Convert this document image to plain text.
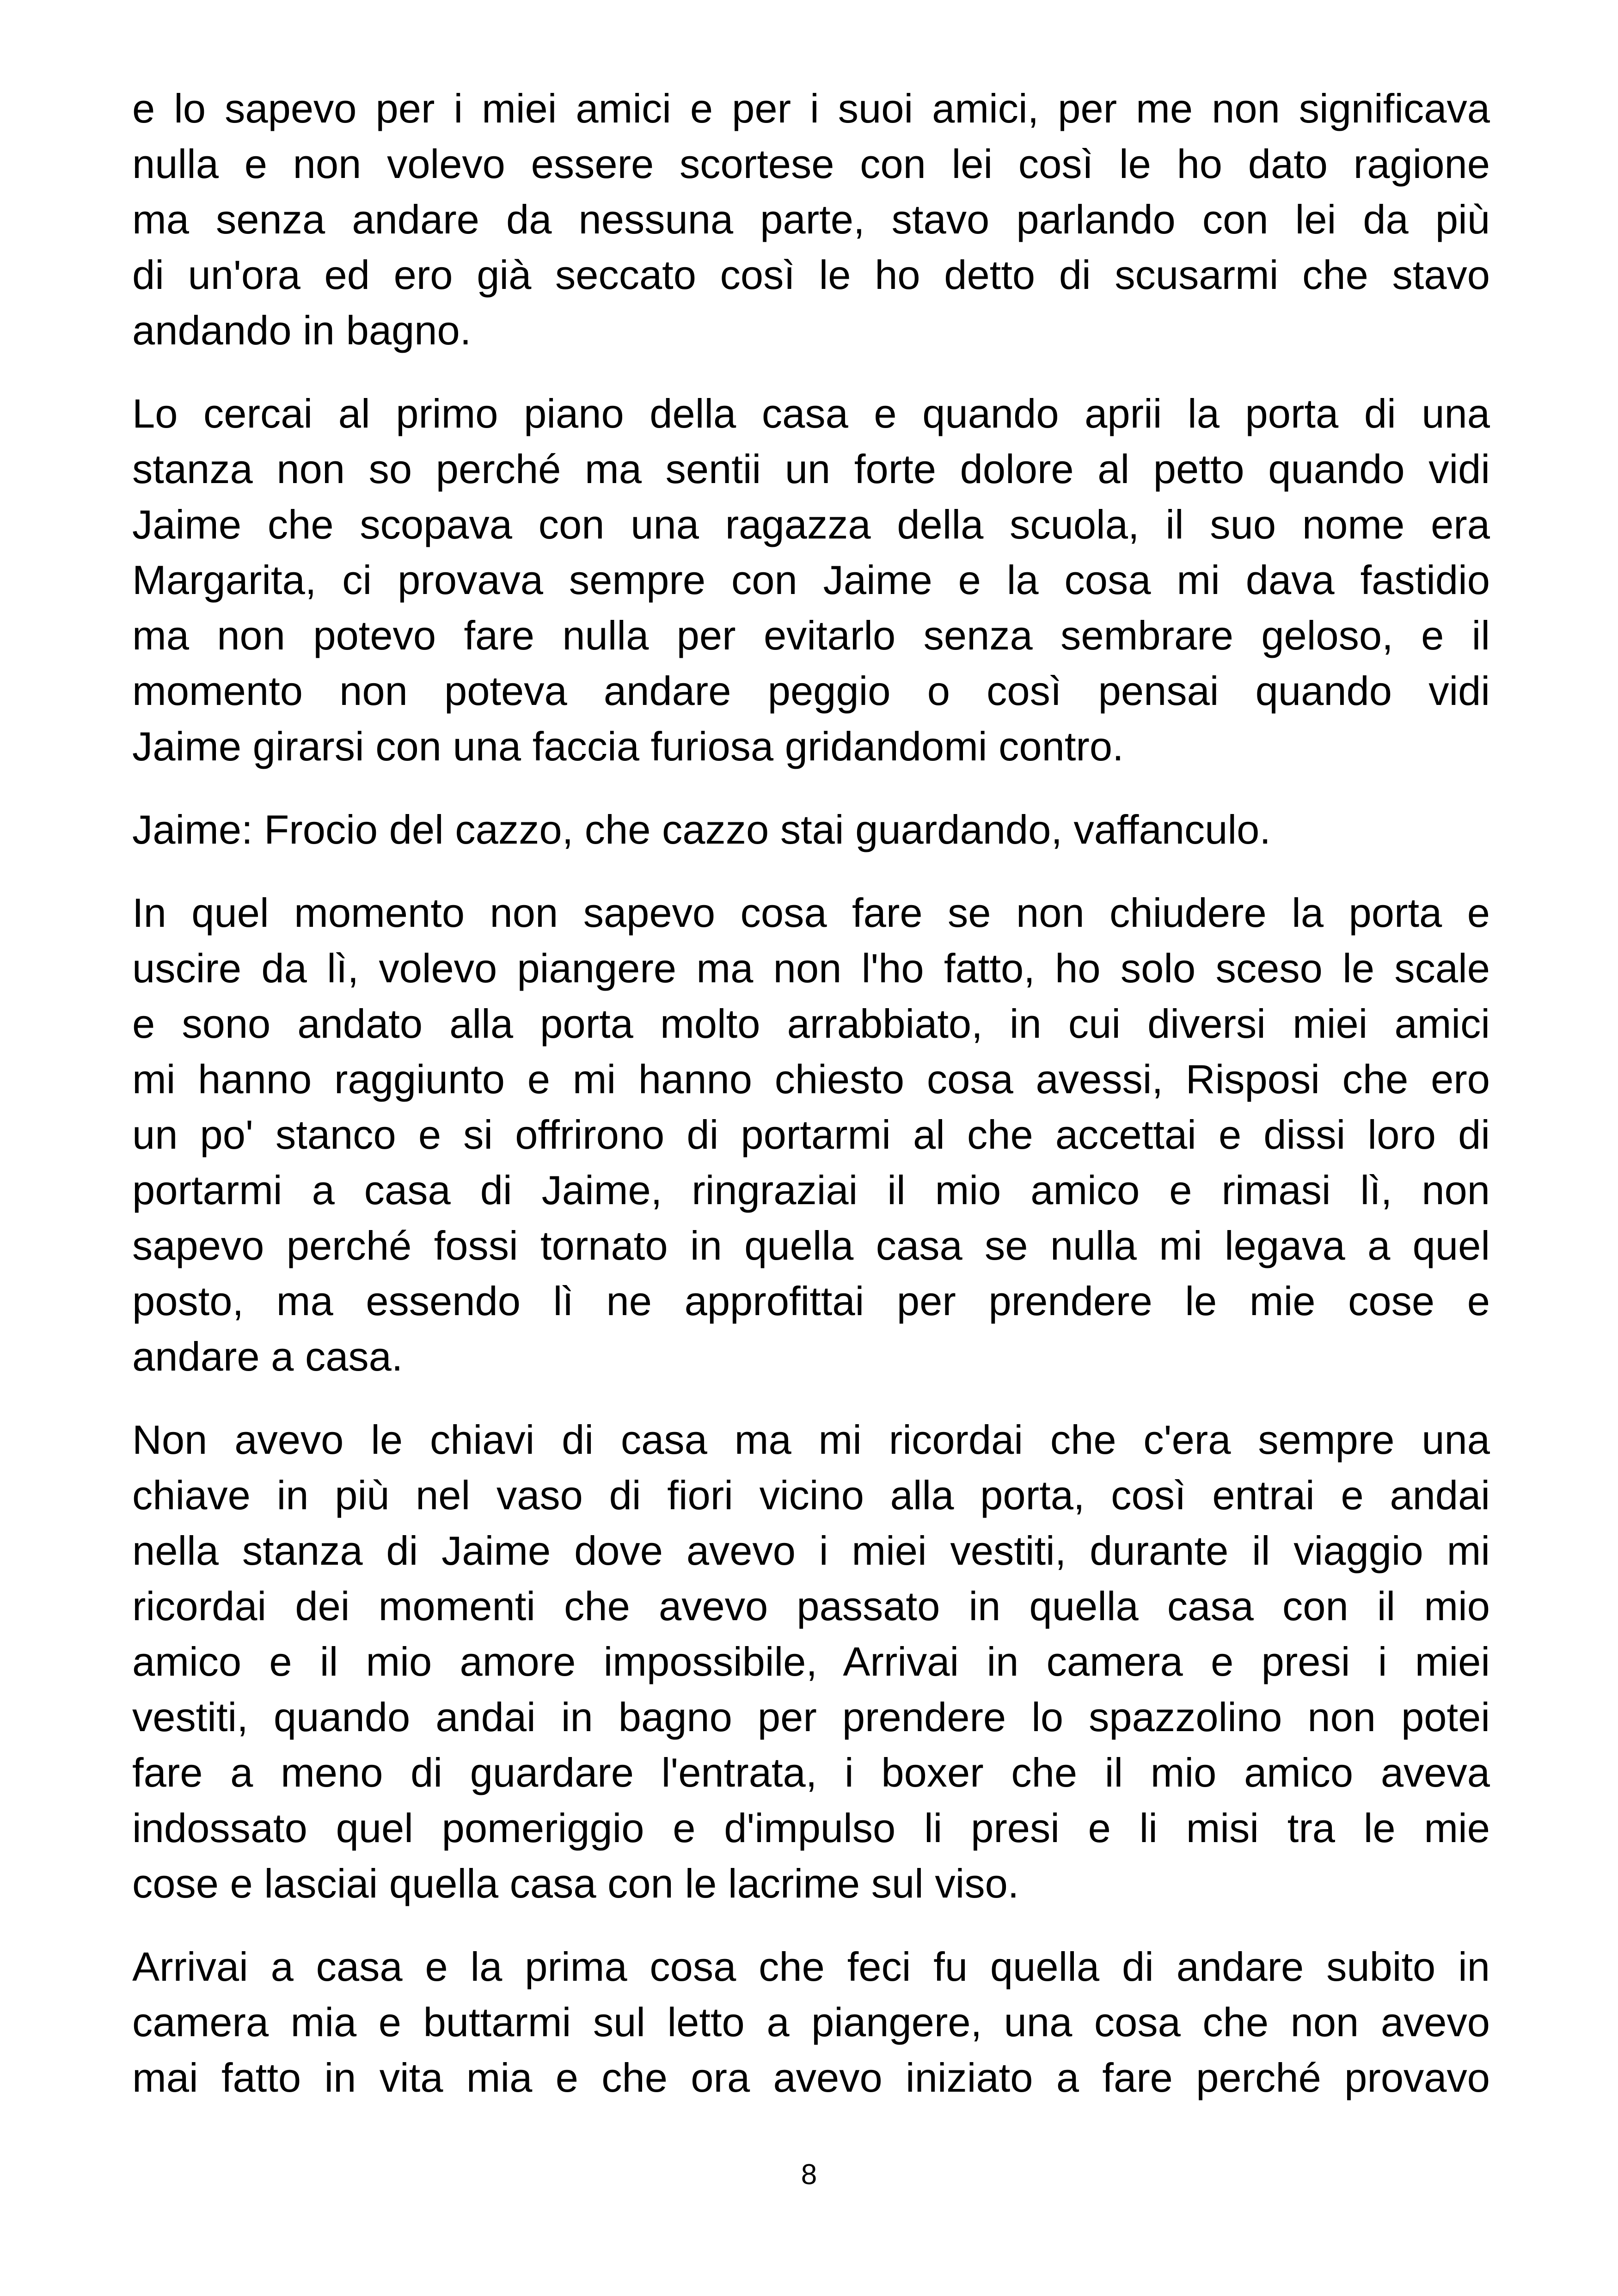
e lo sapevo per i miei amici e per i suoi amici, per me non significava
nulla e non volevo essere scortese con lei così le ho dato ragione
ma senza andare da nessuna parte, stavo parlando con lei da più
di un'ora ed ero già seccato così le ho detto di scusarmi che stavo
andando in bagno.

Lo cercai al primo piano della casa e quando aprii la porta di una
stanza non so perché ma sentii un forte dolore al petto quando vidi
Jaime che scopava con una ragazza della scuola, il suo nome era
Margarita, ci provava sempre con Jaime e la cosa mi dava fastidio
ma non potevo fare nulla per evitarlo senza sembrare geloso, e il
momento non poteva andare peggio o così pensai quando vidi
Jaime girarsi con una faccia furiosa gridandomi contro.

Jaime: Frocio del cazzo, che cazzo stai guardando, vaffanculo.

In quel momento non sapevo cosa fare se non chiudere la porta e
uscire da lì, volevo piangere ma non l'ho fatto, ho solo sceso le scale
e sono andato alla porta molto arrabbiato, in cui diversi miei amici
mi hanno raggiunto e mi hanno chiesto cosa avessi, Risposi che ero
un po' stanco e si offrirono di portarmi al che accettai e dissi loro di
portarmi a casa di Jaime, ringraziai il mio amico e rimasi lì, non
sapevo perché fossi tornato in quella casa se nulla mi legava a quel
posto, ma essendo lì ne approfittai per prendere le mie cose e
andare a casa.

Non avevo le chiavi di casa ma mi ricordai che c'era sempre una
chiave in più nel vaso di fiori vicino alla porta, così entrai e andai
nella stanza di Jaime dove avevo i miei vestiti, durante il viaggio mi
ricordai dei momenti che avevo passato in quella casa con il mio
amico e il mio amore impossibile, Arrivai in camera e presi i miei
vestiti, quando andai in bagno per prendere lo spazzolino non potei
fare a meno di guardare l'entrata, i boxer che il mio amico aveva
indossato quel pomeriggio e d'impulso li presi e li misi tra le mie
cose e lasciai quella casa con le lacrime sul viso.

Arrivai a casa e la prima cosa che feci fu quella di andare subito in
camera mia e buttarmi sul letto a piangere, una cosa che non avevo
mai fatto in vita mia e che ora avevo iniziato a fare perché provavo

8
